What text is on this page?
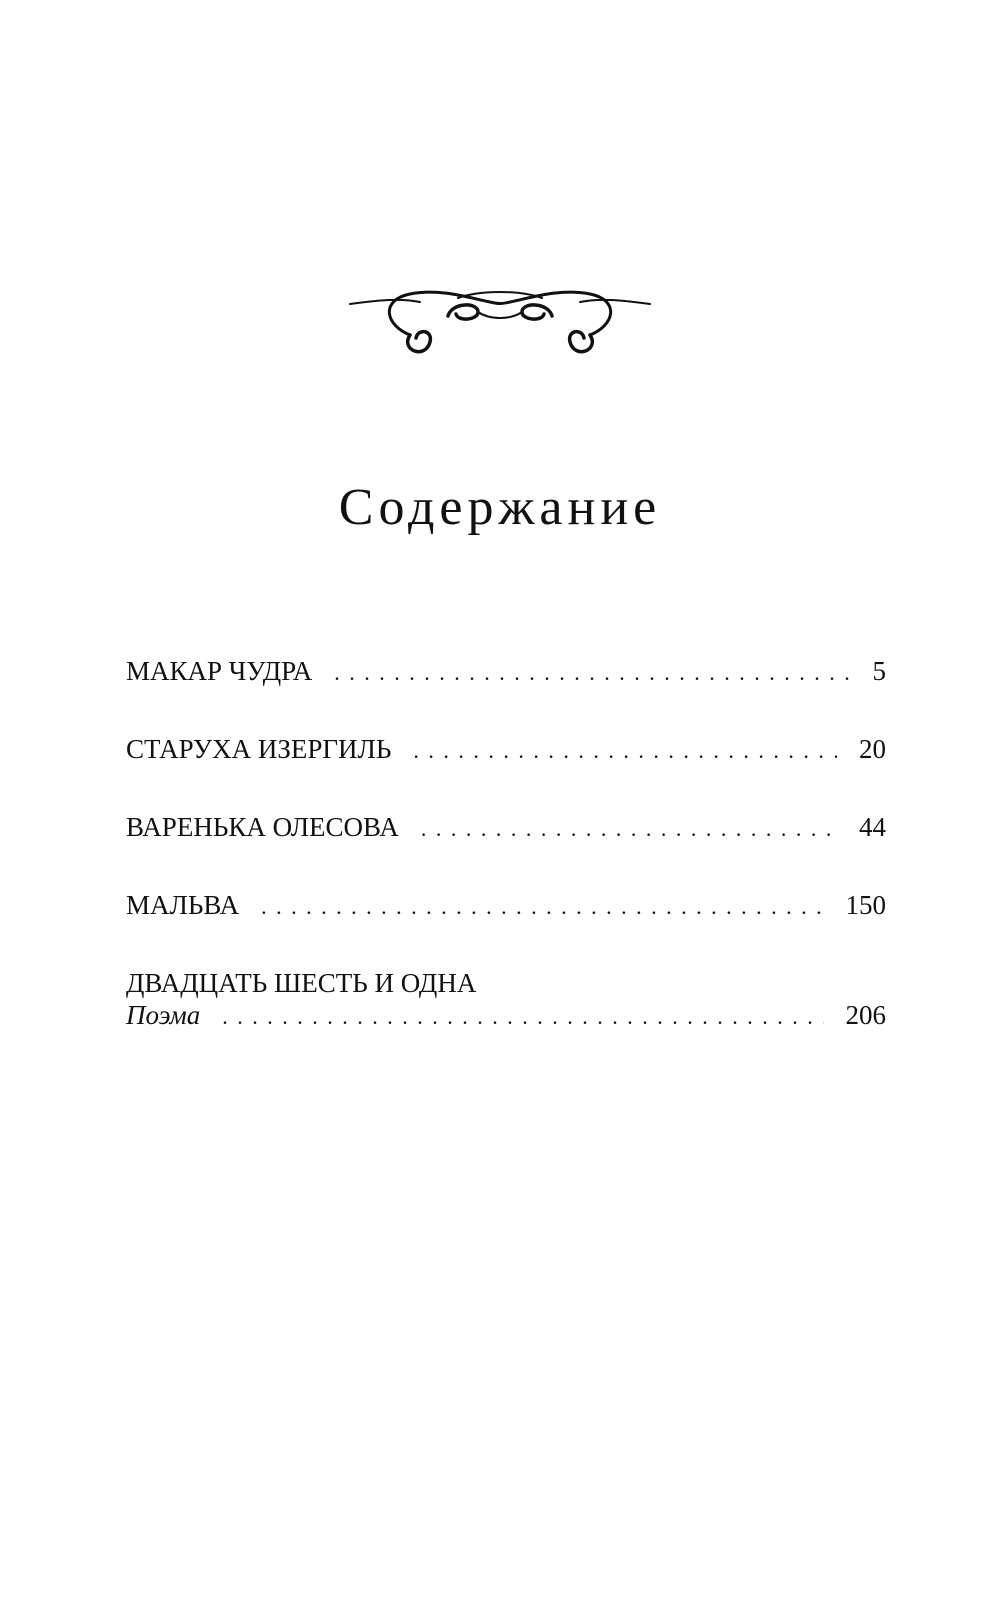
Содержание
МАКАР ЧУДРА . . .	5
СТАРУХА ИЗЕРГИЛЬ . . .	20
ВАРЕНЬКА ОЛЕСОВА . . .	44
МАЛЬВА . . .	150
ДВАДЦАТЬ ШЕСТЬ И ОДНА
Поэма . . .	206
